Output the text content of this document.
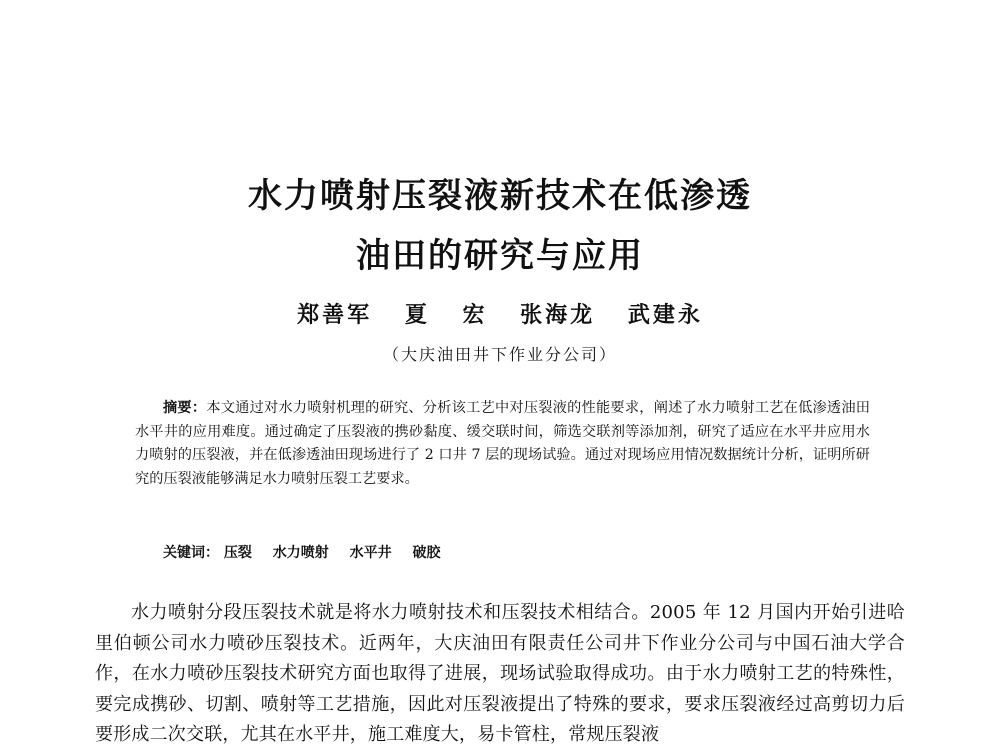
水力喷射压裂液新技术在低渗透
油田的研究与应用
郑善军 夏 宏 张海龙 武建永
（大庆油田井下作业分公司）

摘要：本文通过对水力喷射机理的研究、分析该工艺中对压裂液的性能要求，阐述了水力喷射工艺在低渗透油田水平井的应用难度。通过确定了压裂液的携砂黏度、缓交联时间，筛选交联剂等添加剂，研究了适应在水平井应用水力喷射的压裂液，并在低渗透油田现场进行了 2 口井 7 层的现场试验。通过对现场应用情况数据统计分析，证明所研究的压裂液能够满足水力喷射压裂工艺要求。

关键词： 压裂 水力喷射 水平井 破胶

水力喷射分段压裂技术就是将水力喷射技术和压裂技术相结合。2005 年 12 月国内开始引进哈里伯顿公司水力喷砂压裂技术。近两年，大庆油田有限责任公司井下作业分公司与中国石油大学合作，在水力喷砂压裂技术研究方面也取得了进展，现场试验取得成功。由于水力喷射工艺的特殊性，要完成携砂、切割、喷射等工艺措施，因此对压裂液提出了特殊的要求，要求压裂液经过高剪切力后要形成二次交联，尤其在水平井，施工难度大，易卡管柱，常规压裂液
